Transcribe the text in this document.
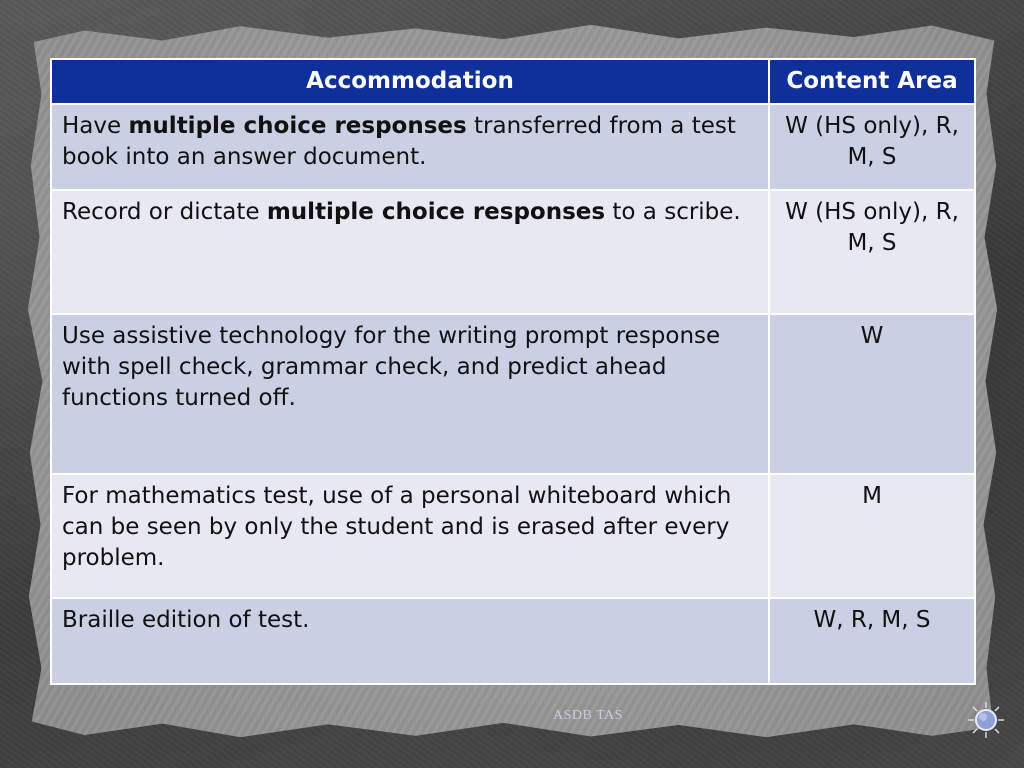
Accommodation	Content Area
Have multiple choice responses transferred from a test book into an answer document.	W (HS only), R, M, S
Record or dictate multiple choice responses to a scribe.	W (HS only), R, M, S
Use assistive technology for the writing prompt response with spell check, grammar check, and predict ahead functions turned off.	W
For mathematics test, use of a personal whiteboard which can be seen by only the student and is erased after every problem.	M
Braille edition of test.	W, R, M, S
ASDB TAS
